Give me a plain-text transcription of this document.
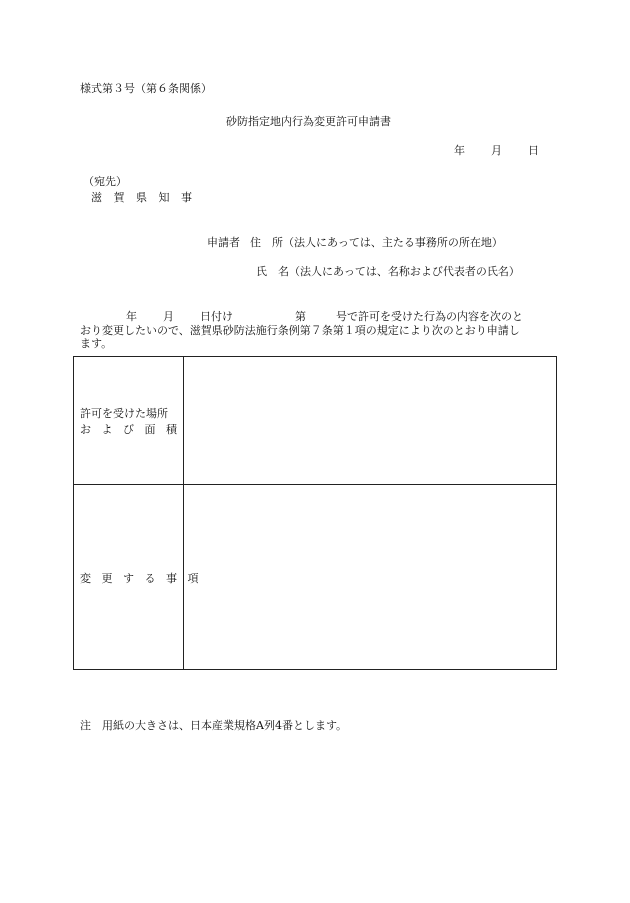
様式第３号（第６条関係）
砂防指定地内行為変更許可申請書
年 月 日
（宛先）
滋 賀 県 知 事
申請者 住　所（法人にあっては、主たる事務所の所在地）
氏　名（法人にあっては、名称および代表者の氏名）
年 月 日付け	第	号で許可を受けた行為の内容を次のと
おり変更したいので、滋賀県砂防法施行条例第７条第１項の規定により次のとおり申請し
ます。
許可を受けた場所
お よ び 面 積
変 更 す る 事 項
注　用紙の大きさは、日本産業規格A列4番とします。
